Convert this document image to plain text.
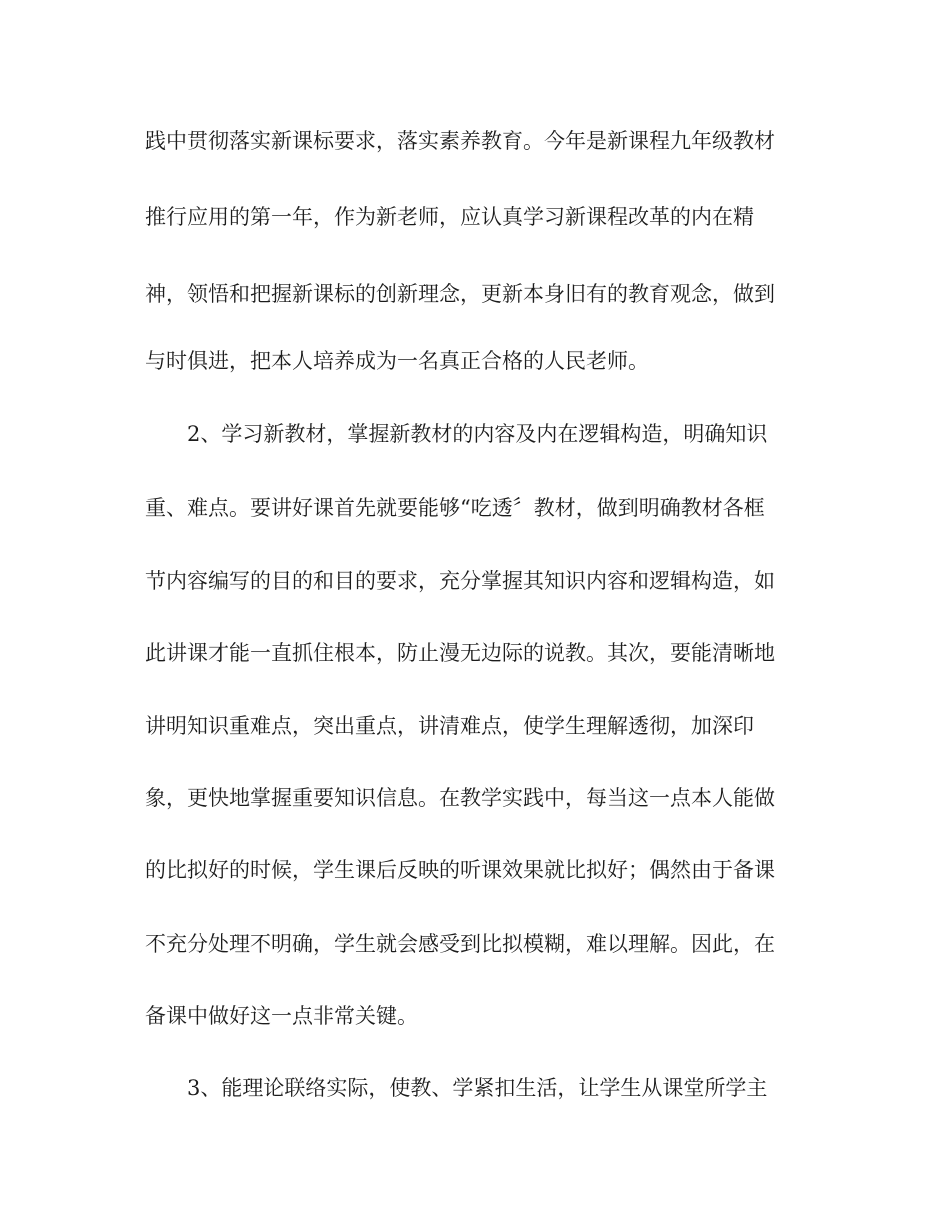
践中贯彻落实新课标要求，落实素养教育。今年是新课程九年级教材
推行应用的第一年，作为新老师，应认真学习新课程改革的内在精
神，领悟和把握新课标的创新理念，更新本身旧有的教育观念，做到
与时俱进，把本人培养成为一名真正合格的人民老师。
2、学习新教材，掌握新教材的内容及内在逻辑构造，明确知识
重、难点。要讲好课首先就要能够“吃透〞教材，做到明确教材各框
节内容编写的目的和目的要求，充分掌握其知识内容和逻辑构造，如
此讲课才能一直抓住根本，防止漫无边际的说教。其次，要能清晰地
讲明知识重难点，突出重点，讲清难点，使学生理解透彻，加深印
象，更快地掌握重要知识信息。在教学实践中，每当这一点本人能做
的比拟好的时候，学生课后反映的听课效果就比拟好；偶然由于备课
不充分处理不明确，学生就会感受到比拟模糊，难以理解。因此，在
备课中做好这一点非常关键。
3、能理论联络实际，使教、学紧扣生活，让学生从课堂所学主
